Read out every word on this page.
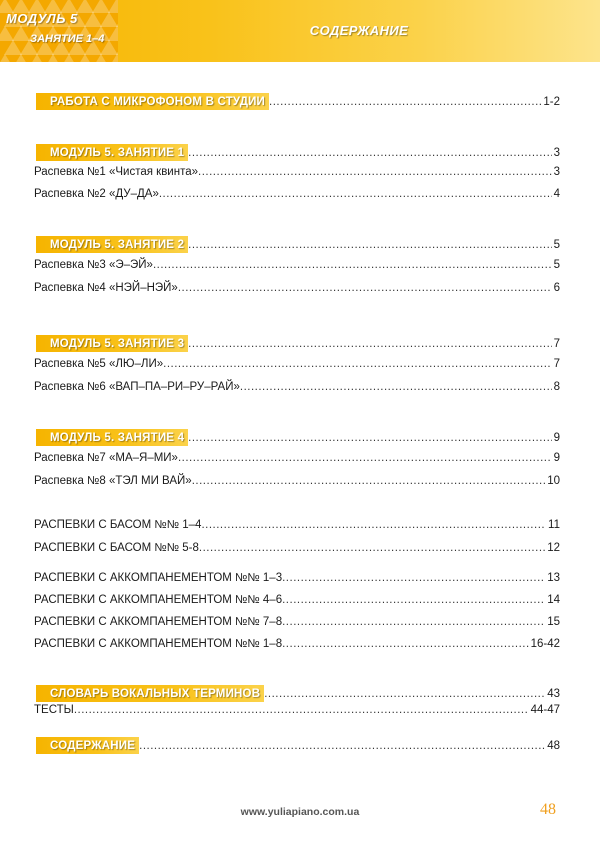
МОДУЛЬ 5
ЗАНЯТИЕ 1–4
СОДЕРЖАНИЕ
РАБОТА С МИКРОФОНОМ В СТУДИИ .....	1-2
МОДУЛЬ 5. ЗАНЯТИЕ 1 .....	3
Распевка №1 «Чистая квинта» .....	3
Распевка №2 «ДУ–ДА» .....	4
МОДУЛЬ 5. ЗАНЯТИЕ 2 .....	5
Распевка №3 «Э–ЭЙ» .....	5
Распевка №4 «НЭЙ–НЭЙ» .....	6
МОДУЛЬ 5. ЗАНЯТИЕ 3 .....	7
Распевка №5 «ЛЮ–ЛИ» .....	7
Распевка №6 «ВАП–ПА–РИ–РУ–РАЙ» .....	8
МОДУЛЬ 5. ЗАНЯТИЕ 4 .....	9
Распевка №7 «МА–Я–МИ» .....	9
Распевка №8 «ТЭЛ МИ ВАЙ» .....	10
РАСПЕВКИ С БАСОМ №№ 1–4 .....	11
РАСПЕВКИ С БАСОМ №№ 5-8 .....	12
РАСПЕВКИ С АККОМПАНЕМЕНТОМ №№ 1–3 .....	13
РАСПЕВКИ С АККОМПАНЕМЕНТОМ №№ 4–6 .....	14
РАСПЕВКИ С АККОМПАНЕМЕНТОМ №№ 7–8 .....	15
РАСПЕВКИ С АККОМПАНЕМЕНТОМ №№ 1–8 .....	16-42
СЛОВАРЬ ВОКАЛЬНЫХ ТЕРМИНОВ .....	43
ТЕСТЫ .....	44-47
СОДЕРЖАНИЕ .....	48
www.yuliapiano.com.ua	48
